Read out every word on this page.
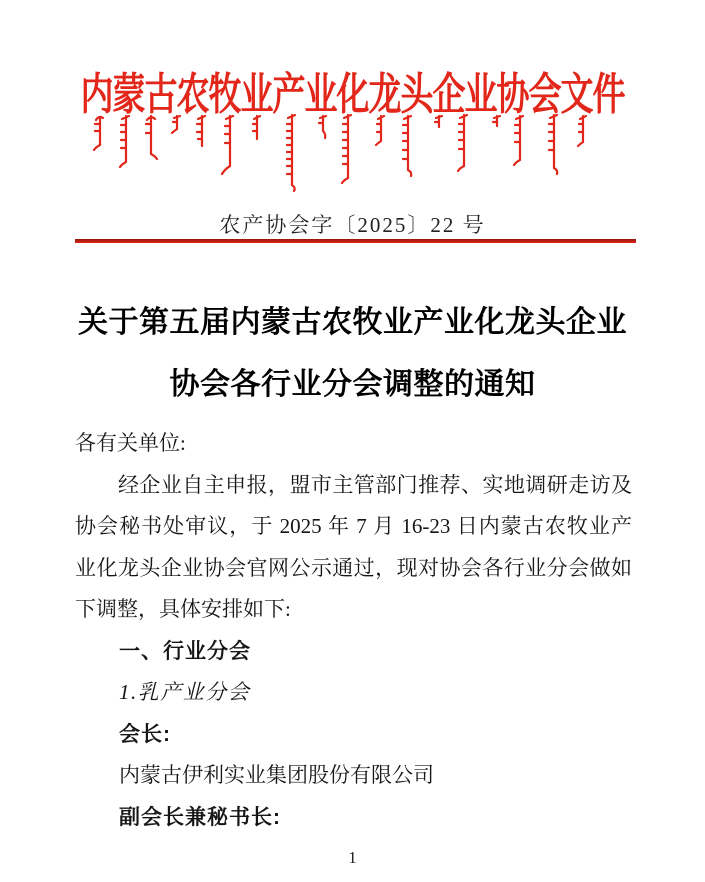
内蒙古农牧业产业化龙头企业协会文件
农产协会字〔2025〕22 号
关于第五届内蒙古农牧业产业化龙头企业
协会各行业分会调整的通知
各有关单位:
经企业自主申报，盟市主管部门推荐、实地调研走访及
协会秘书处审议，于 2025 年 7 月 16-23 日内蒙古农牧业产
业化龙头企业协会官网公示通过，现对协会各行业分会做如
下调整，具体安排如下:
一、行业分会
1.乳产业分会
会长:
内蒙古伊利实业集团股份有限公司
副会长兼秘书长:
1
